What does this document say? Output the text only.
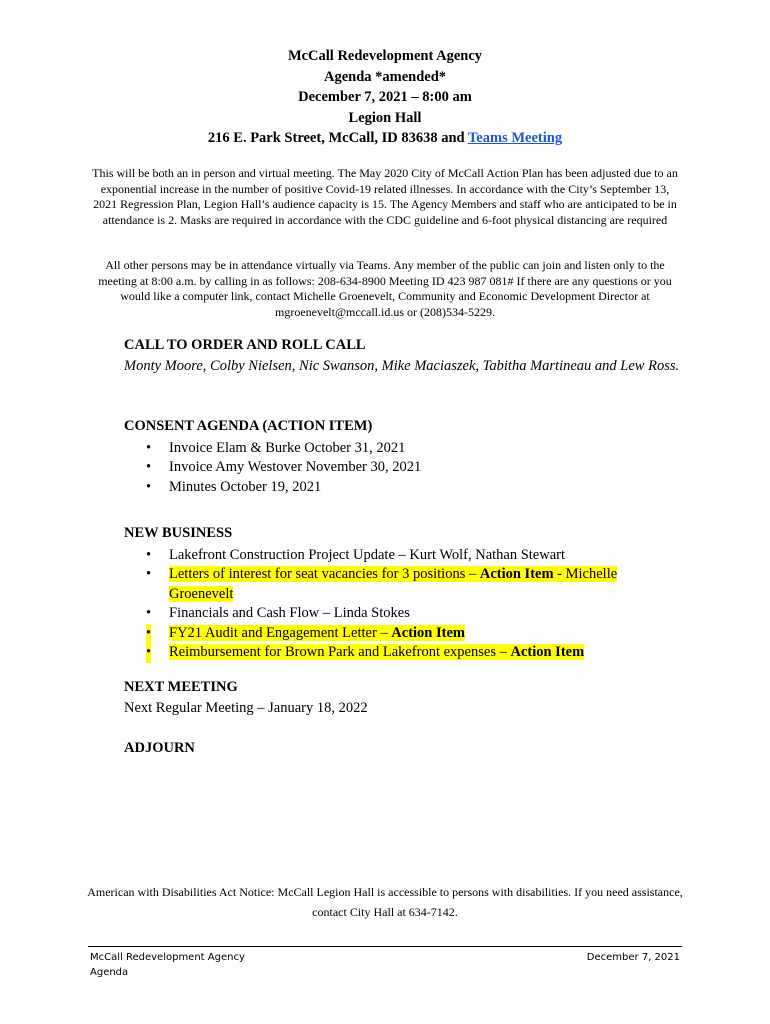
McCall Redevelopment Agency
Agenda *amended*
December 7, 2021 – 8:00 am
Legion Hall
216 E. Park Street, McCall, ID 83638 and Teams Meeting
This will be both an in person and virtual meeting. The May 2020 City of McCall Action Plan has been adjusted due to an exponential increase in the number of positive Covid-19 related illnesses. In accordance with the City’s September 13, 2021 Regression Plan, Legion Hall’s audience capacity is 15. The Agency Members and staff who are anticipated to be in attendance is 2. Masks are required in accordance with the CDC guideline and 6-foot physical distancing are required
All other persons may be in attendance virtually via Teams. Any member of the public can join and listen only to the meeting at 8:00 a.m. by calling in as follows: 208-634-8900 Meeting ID 423 987 081# If there are any questions or you would like a computer link, contact Michelle Groenevelt, Community and Economic Development Director at mgroenevelt@mccall.id.us or (208)534-5229.
CALL TO ORDER AND ROLL CALL
Monty Moore, Colby Nielsen, Nic Swanson, Mike Maciaszek, Tabitha Martineau and Lew Ross.
CONSENT AGENDA (ACTION ITEM)
• Invoice Elam & Burke October 31, 2021
• Invoice Amy Westover November 30, 2021
• Minutes October 19, 2021
NEW BUSINESS
• Lakefront Construction Project Update – Kurt Wolf, Nathan Stewart
• Letters of interest for seat vacancies for 3 positions – Action Item - Michelle Groenevelt
• Financials and Cash Flow – Linda Stokes
• FY21 Audit and Engagement Letter – Action Item
• Reimbursement for Brown Park and Lakefront expenses – Action Item
NEXT MEETING
Next Regular Meeting – January 18, 2022
ADJOURN
American with Disabilities Act Notice: McCall Legion Hall is accessible to persons with disabilities. If you need assistance, contact City Hall at 634-7142.
McCall Redevelopment Agency
Agenda
December 7, 2021
